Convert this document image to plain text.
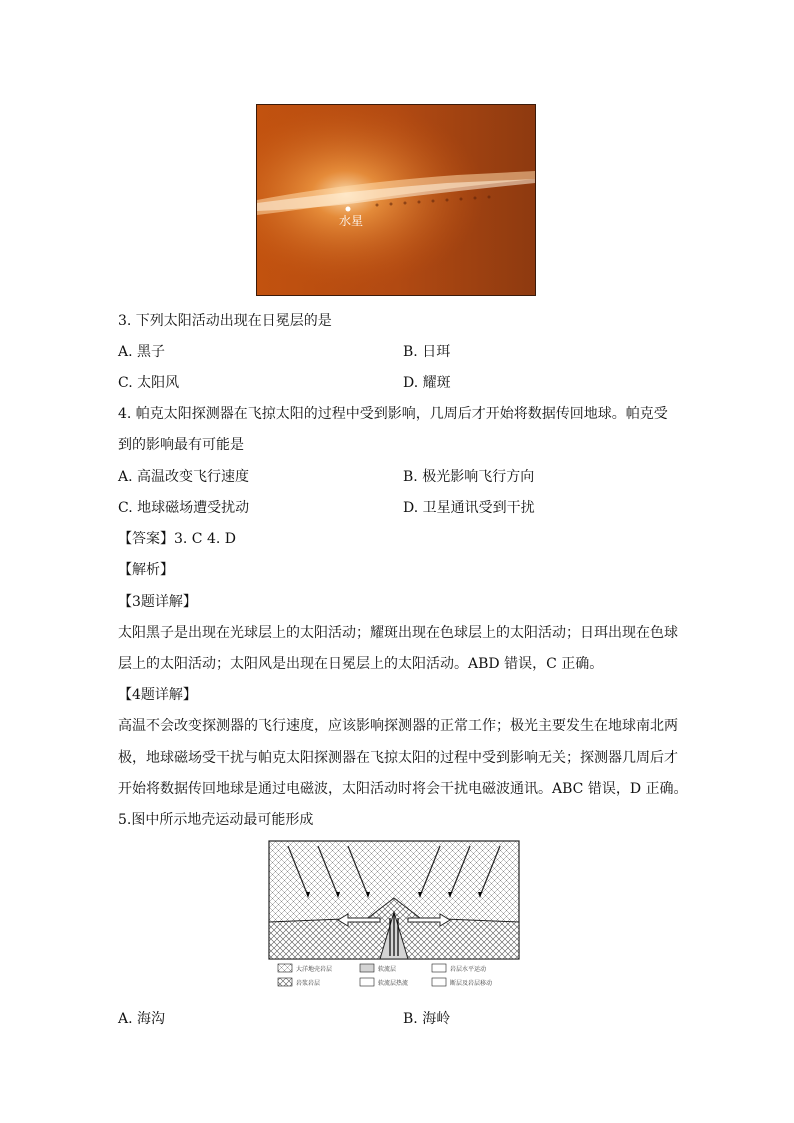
水星
3. 下列太阳活动出现在日冕层的是
A. 黑子	B. 日珥
C. 太阳风	D. 耀斑
4. 帕克太阳探测器在飞掠太阳的过程中受到影响，几周后才开始将数据传回地球。帕克受
到的影响最有可能是
A. 高温改变飞行速度	B. 极光影响飞行方向
C. 地球磁场遭受扰动	D. 卫星通讯受到干扰
【答案】3. C 4. D
【解析】
【3题详解】
太阳黑子是出现在光球层上的太阳活动；耀斑出现在色球层上的太阳活动；日珥出现在色球
层上的太阳活动；太阳风是出现在日冕层上的太阳活动。ABD 错误，C 正确。
【4题详解】
高温不会改变探测器的飞行速度，应该影响探测器的正常工作；极光主要发生在地球南北两
极，地球磁场受干扰与帕克太阳探测器在飞掠太阳的过程中受到影响无关；探测器几周后才
开始将数据传回地球是通过电磁波，太阳活动时将会干扰电磁波通讯。ABC 错误，D 正确。
5.图中所示地壳运动最可能形成
大洋地壳岩层	软流层	岩层水平运动
岩浆岩层	软流层热流	断层及岩层移动
A. 海沟	B. 海岭
